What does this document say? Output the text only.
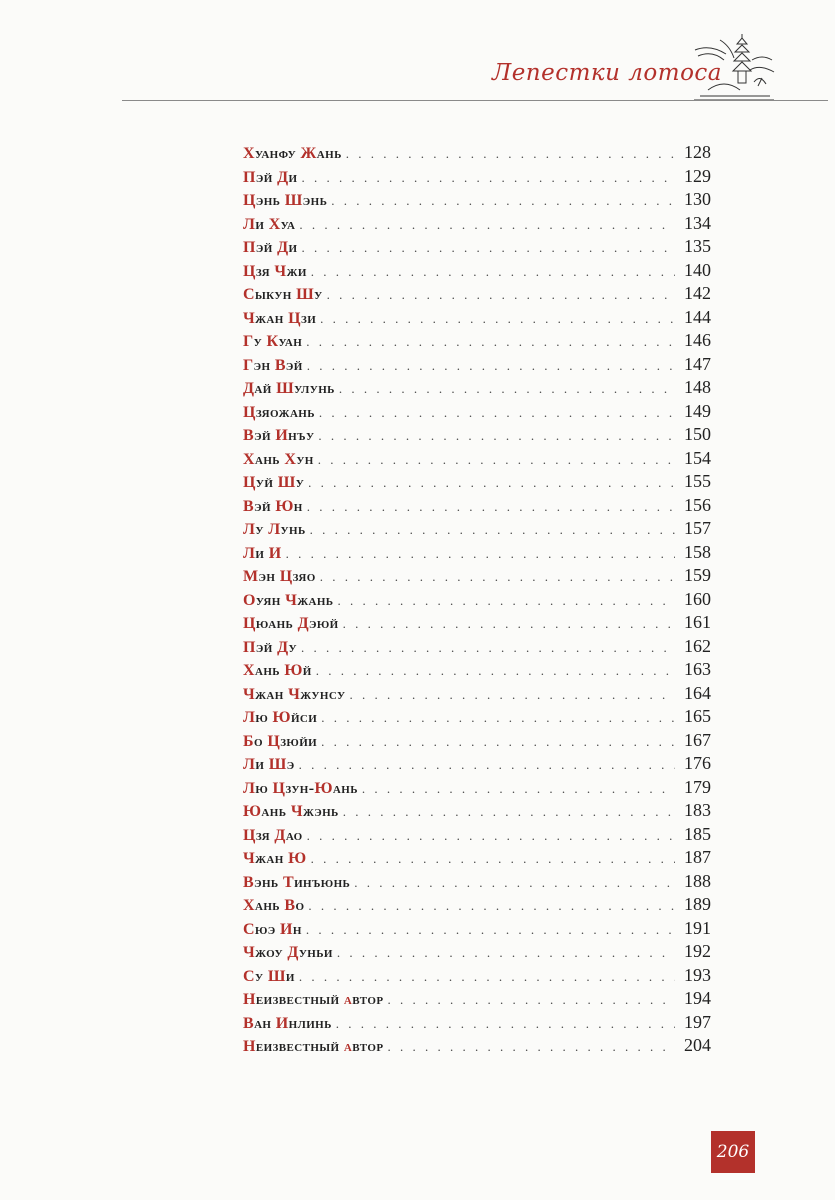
Лепестки лотоса
Хуанфу Жань . . .	128
Пэй Ди . . .	129
Цэнь Шэнь . . .	130
Ли Хуа . . .	134
Пэй Ди . . .	135
Цзя Чжи . . .	140
Сыкун Шу . . .	142
Чжан Цзи . . .	144
Гу Куан . . .	146
Гэн Вэй . . .	147
Дай Шулунь . . .	148
Цзяожань . . .	149
Вэй Инъу . . .	150
Хань Хун . . .	154
Цуй Шу . . .	155
Вэй Юн . . .	156
Лу Лунь . . .	157
Ли И . . .	158
Мэн Цзяо . . .	159
Оуян Чжань . . .	160
Цюань Дэюй . . .	161
Пэй Ду . . .	162
Хань Юй . . .	163
Чжан Чжунсу . . .	164
Лю Юйси . . .	165
Бо Цзюйи . . .	167
Ли Шэ . . .	176
Лю Цзун-Юань . . .	179
Юань Чжэнь . . .	183
Цзя Дао . . .	185
Чжан Ю . . .	187
Вэнь Тинъюнь . . .	188
Хань Во . . .	189
Сюэ Ин . . .	191
Чжоу Дуньи . . .	192
Су Ши . . .	193
Неизвестный автор . . .	194
Ван Инлинь . . .	197
Неизвестный автор . . .	204
206
